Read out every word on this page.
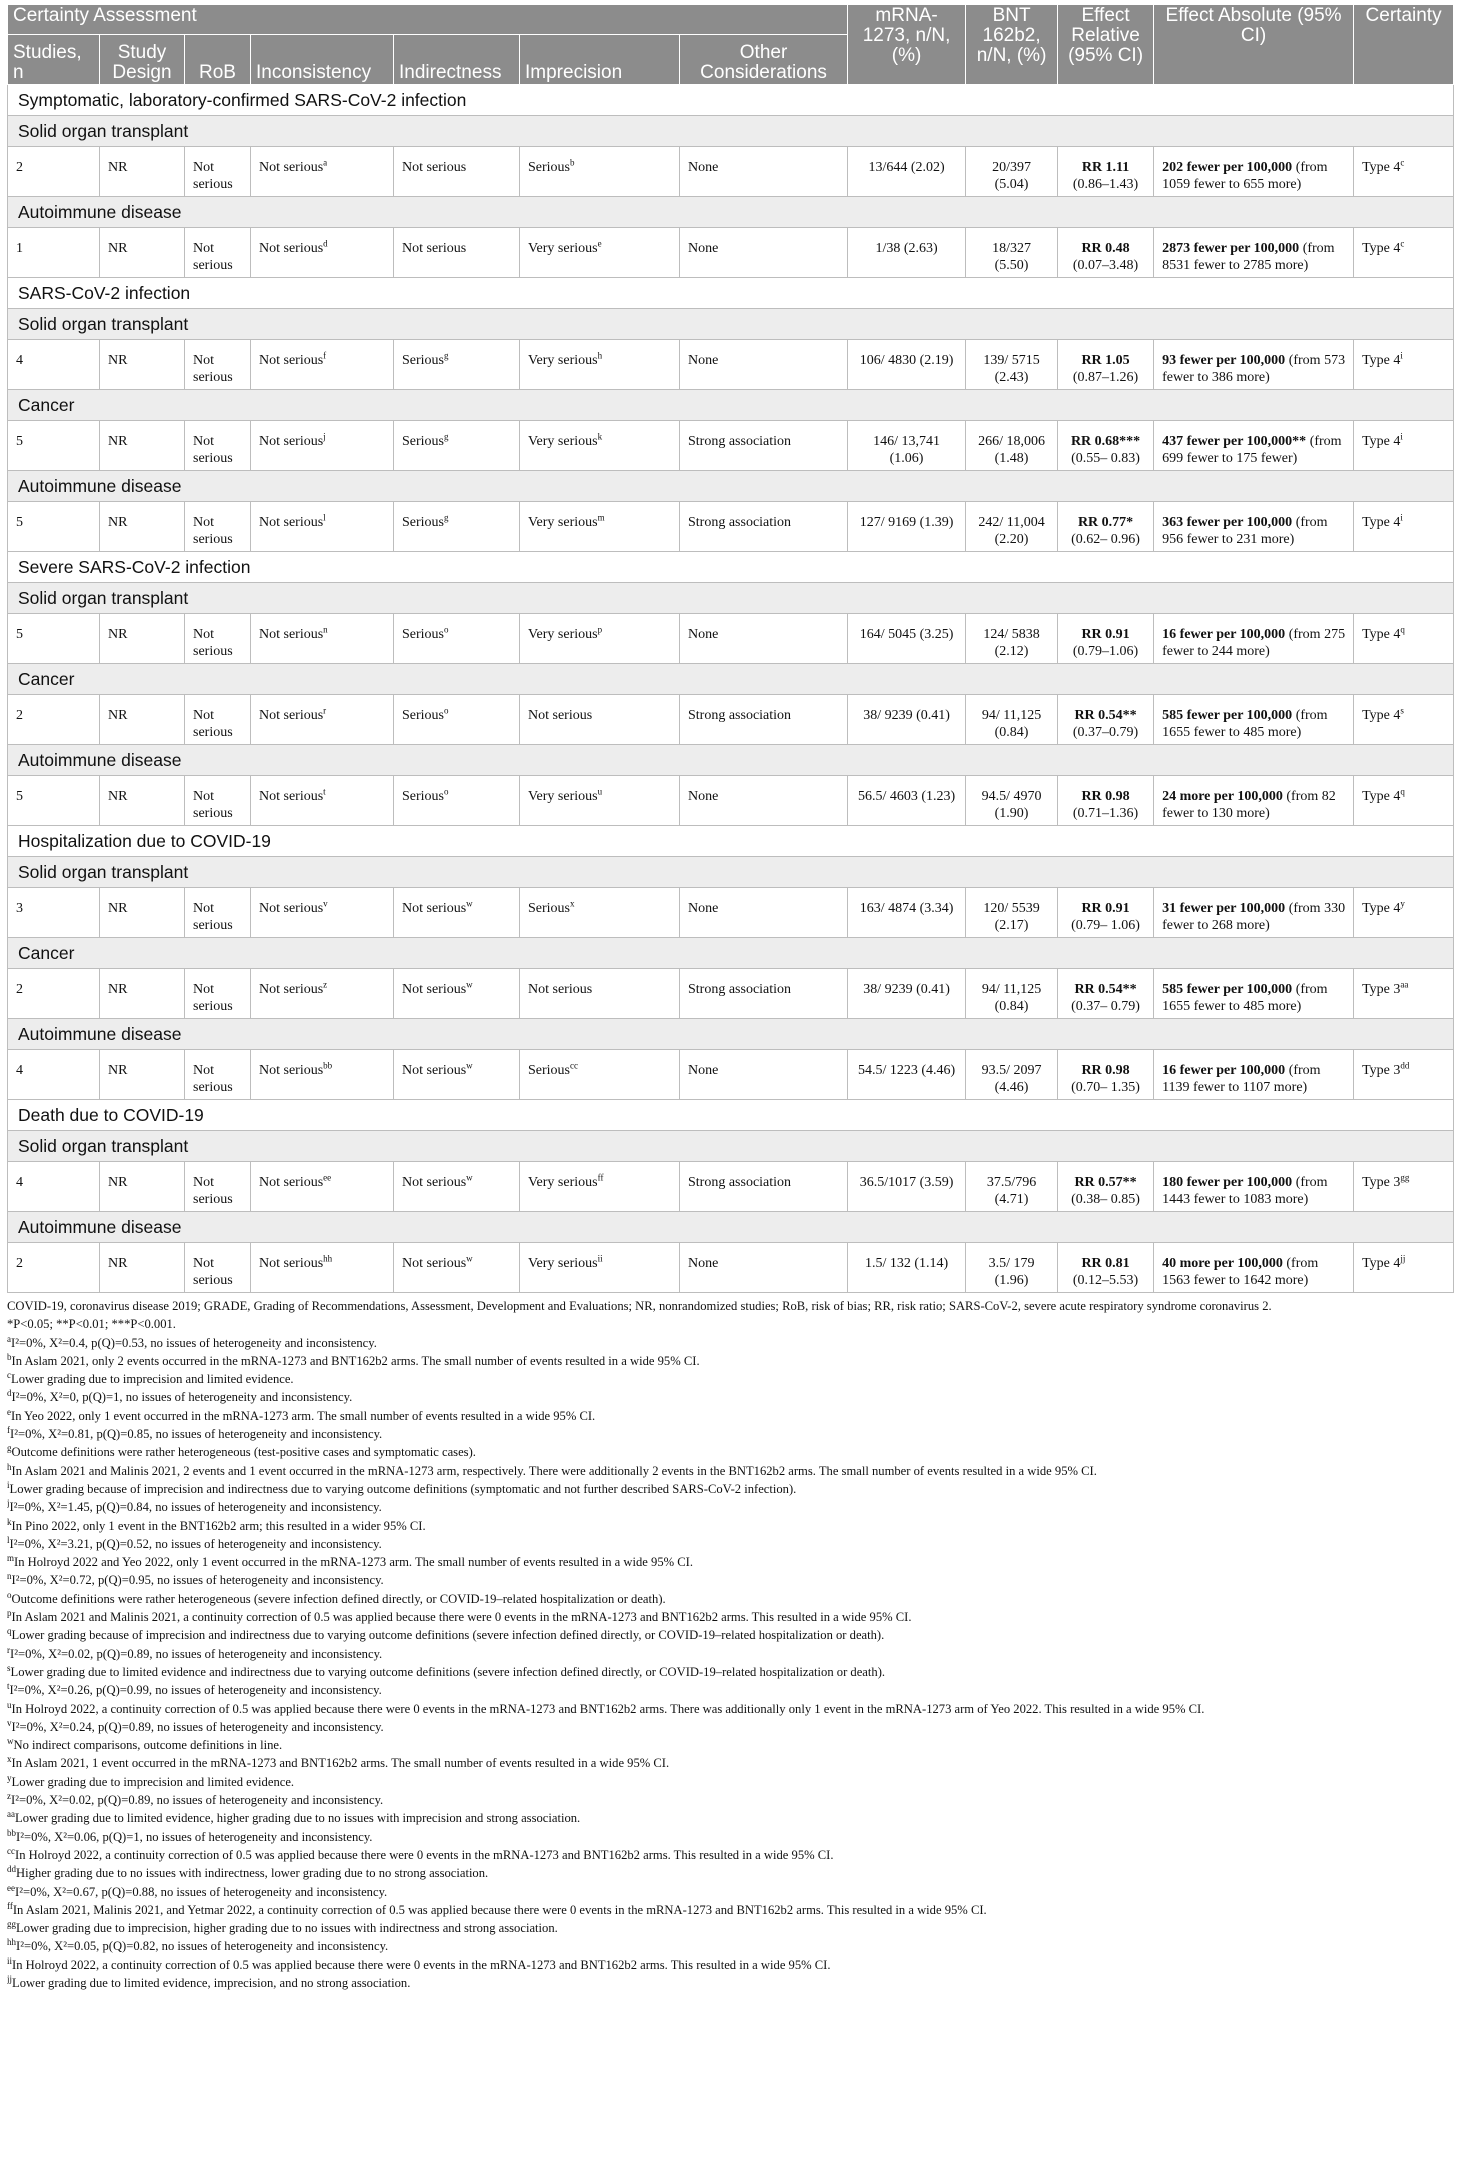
Certainty Assessment							mRNA-1273, n/N, (%)	BNT 162b2, n/N, (%)	Effect Relative (95% CI)	Effect Absolute (95% CI)	Certainty
Studies, n	Study Design	RoB	Inconsistency	Indirectness	Imprecision	Other Considerations					
Symptomatic, laboratory-confirmed SARS-CoV-2 infection											
Solid organ transplant											
2	NR	Not serious	Not serious$^a$	Not serious	Serious$^b$	None	13/644 (2.02)	20/397 (5.04)	RR 1.11 (0.86–1.43)	202 fewer per 100,000 (from 1059 fewer to 655 more)	Type 4$^c$
Autoimmune disease											
1	NR	Not serious	Not serious$^d$	Not serious	Very serious$^e$	None	1/38 (2.63)	18/327 (5.50)	RR 0.48 (0.07–3.48)	2873 fewer per 100,000 (from 8531 fewer to 2785 more)	Type 4$^c$
SARS-CoV-2 infection											
Solid organ transplant											
4	NR	Not serious	Not serious$^f$	Serious$^g$	Very serious$^h$	None	106/ 4830 (2.19)	139/ 5715 (2.43)	RR 1.05 (0.87–1.26)	93 fewer per 100,000 (from 573 fewer to 386 more)	Type 4$^i$
Cancer											
5	NR	Not serious	Not serious$^j$	Serious$^g$	Very serious$^k$	Strong association	146/ 13,741 (1.06)	266/ 18,006 (1.48)	RR 0.68*** (0.55– 0.83)	437 fewer per 100,000** (from 699 fewer to 175 fewer)	Type 4$^i$
Autoimmune disease											
5	NR	Not serious	Not serious$^l$	Serious$^g$	Very serious$^m$	Strong association	127/ 9169 (1.39)	242/ 11,004 (2.20)	RR 0.77* (0.62– 0.96)	363 fewer per 100,000 (from 956 fewer to 231 more)	Type 4$^i$
Severe SARS-CoV-2 infection											
Solid organ transplant											
5	NR	Not serious	Not serious$^n$	Serious$^o$	Very serious$^p$	None	164/ 5045 (3.25)	124/ 5838 (2.12)	RR 0.91 (0.79–1.06)	16 fewer per 100,000 (from 275 fewer to 244 more)	Type 4$^q$
Cancer											
2	NR	Not serious	Not serious$^r$	Serious$^o$	Not serious	Strong association	38/ 9239 (0.41)	94/ 11,125 (0.84)	RR 0.54** (0.37–0.79)	585 fewer per 100,000 (from 1655 fewer to 485 more)	Type 4$^s$
Autoimmune disease											
5	NR	Not serious	Not serious$^t$	Serious$^o$	Very serious$^u$	None	56.5/ 4603 (1.23)	94.5/ 4970 (1.90)	RR 0.98 (0.71–1.36)	24 more per 100,000 (from 82 fewer to 130 more)	Type 4$^q$
Hospitalization due to COVID-19											
Solid organ transplant											
3	NR	Not serious	Not serious$^v$	Not serious$^w$	Serious$^x$	None	163/ 4874 (3.34)	120/ 5539 (2.17)	RR 0.91 (0.79– 1.06)	31 fewer per 100,000 (from 330 fewer to 268 more)	Type 4$^y$
Cancer											
2	NR	Not serious	Not serious$^z$	Not serious$^w$	Not serious	Strong association	38/ 9239 (0.41)	94/ 11,125 (0.84)	RR 0.54** (0.37– 0.79)	585 fewer per 100,000 (from 1655 fewer to 485 more)	Type $3^{aa}$
Autoimmune disease											
4	NR	Not serious	Not serious$^{bb}$	Not serious$^w$	Serious$^{cc}$	None	54.5/ 1223 (4.46)	93.5/ 2097 (4.46)	RR 0.98 (0.70– 1.35)	16 fewer per 100,000 (from 1139 fewer to 1107 more)	Type $3^{dd}$
Death due to COVID-19											
Solid organ transplant											
4	NR	Not serious	Not serious$^{ee}$	Not serious$^w$	Very serious$^{ff}$	Strong association	36.5/1017 (3.59)	37.5/796 (4.71)	RR 0.57** (0.38– 0.85)	180 fewer per 100,000 (from 1443 fewer to 1083 more)	Type $3^{gg}$
Autoimmune disease											
2	NR	Not serious	Not serious$^{hh}$	Not serious$^w$	Very serious$^{ii}$	None	1.5/ 132 (1.14)	3.5/ 179 (1.96)	RR 0.81 (0.12–5.53)	40 more per 100,000 (from 1563 fewer to 1642 more)	Type $4^{jj}$
COVID-19, coronavirus disease 2019; GRADE, Grading of Recommendations, Assessment, Development and Evaluations; NR, nonrandomized studies; RoB, risk of bias; RR, risk ratio; SARS-CoV-2, severe acute respiratory syndrome coronavirus 2.
*P<0.05; **P<0.01; ***P<0.001.
$^a$I²=0%, X²=0.4, p(Q)=0.53, no issues of heterogeneity and inconsistency.
$^b$In Aslam 2021, only 2 events occurred in the mRNA-1273 and BNT162b2 arms. The small number of events resulted in a wide 95% CI.
$^c$Lower grading due to imprecision and limited evidence.
$^d$I²=0%, X²=0, p(Q)=1, no issues of heterogeneity and inconsistency.
$^e$In Yeo 2022, only 1 event occurred in the mRNA-1273 arm. The small number of events resulted in a wide 95% CI.
$^f$I²=0%, X²=0.81, p(Q)=0.85, no issues of heterogeneity and inconsistency.
$^g$Outcome definitions were rather heterogeneous (test-positive cases and symptomatic cases).
$^h$In Aslam 2021 and Malinis 2021, 2 events and 1 event occurred in the mRNA-1273 arm, respectively. There were additionally 2 events in the BNT162b2 arms. The small number of events resulted in a wide 95% CI.
$^i$Lower grading because of imprecision and indirectness due to varying outcome definitions (symptomatic and not further described SARS-CoV-2 infection).
$^j$I²=0%, X²=1.45, p(Q)=0.84, no issues of heterogeneity and inconsistency.
$^k$In Pino 2022, only 1 event in the BNT162b2 arm; this resulted in a wider 95% CI.
$^l$I²=0%, X²=3.21, p(Q)=0.52, no issues of heterogeneity and inconsistency.
$^m$In Holroyd 2022 and Yeo 2022, only 1 event occurred in the mRNA-1273 arm. The small number of events resulted in a wide 95% CI.
$^n$I²=0%, X²=0.72, p(Q)=0.95, no issues of heterogeneity and inconsistency.
$^o$Outcome definitions were rather heterogeneous (severe infection defined directly, or COVID-19–related hospitalization or death).
$^p$In Aslam 2021 and Malinis 2021, a continuity correction of 0.5 was applied because there were 0 events in the mRNA-1273 and BNT162b2 arms. This resulted in a wide 95% CI.
$^q$Lower grading because of imprecision and indirectness due to varying outcome definitions (severe infection defined directly, or COVID-19–related hospitalization or death).
$^r$I²=0%, X²=0.02, p(Q)=0.89, no issues of heterogeneity and inconsistency.
$^s$Lower grading due to limited evidence and indirectness due to varying outcome definitions (severe infection defined directly, or COVID-19–related hospitalization or death).
$^t$I²=0%, X²=0.26, p(Q)=0.99, no issues of heterogeneity and inconsistency.
$^u$In Holroyd 2022, a continuity correction of 0.5 was applied because there were 0 events in the mRNA-1273 and BNT162b2 arms. There was additionally only 1 event in the mRNA-1273 arm of Yeo 2022. This resulted in a wide 95% CI.
$^v$I²=0%, X²=0.24, p(Q)=0.89, no issues of heterogeneity and inconsistency.
$^w$No indirect comparisons, outcome definitions in line.
$^x$In Aslam 2021, 1 event occurred in the mRNA-1273 and BNT162b2 arms. The small number of events resulted in a wide 95% CI.
$^y$Lower grading due to imprecision and limited evidence.
$^z$I²=0%, X²=0.02, p(Q)=0.89, no issues of heterogeneity and inconsistency.
$^{aa}$Lower grading due to limited evidence, higher grading due to no issues with imprecision and strong association.
$^{bb}$I²=0%, X²=0.06, p(Q)=1, no issues of heterogeneity and inconsistency.
$^{cc}$In Holroyd 2022, a continuity correction of 0.5 was applied because there were 0 events in the mRNA-1273 and BNT162b2 arms. This resulted in a wide 95% CI.
$^{dd}$Higher grading due to no issues with indirectness, lower grading due to no strong association.
$^{ee}$I²=0%, X²=0.67, p(Q)=0.88, no issues of heterogeneity and inconsistency.
$^{ff}$In Aslam 2021, Malinis 2021, and Yetmar 2022, a continuity correction of 0.5 was applied because there were 0 events in the mRNA-1273 and BNT162b2 arms. This resulted in a wide 95% CI.
$^{gg}$Lower grading due to imprecision, higher grading due to no issues with indirectness and strong association.
$^{hh}$I²=0%, X²=0.05, p(Q)=0.82, no issues of heterogeneity and inconsistency.
$^{ii}$In Holroyd 2022, a continuity correction of 0.5 was applied because there were 0 events in the mRNA-1273 and BNT162b2 arms. This resulted in a wide 95% CI.
$^{jj}$Lower grading due to limited evidence, imprecision, and no strong association.
